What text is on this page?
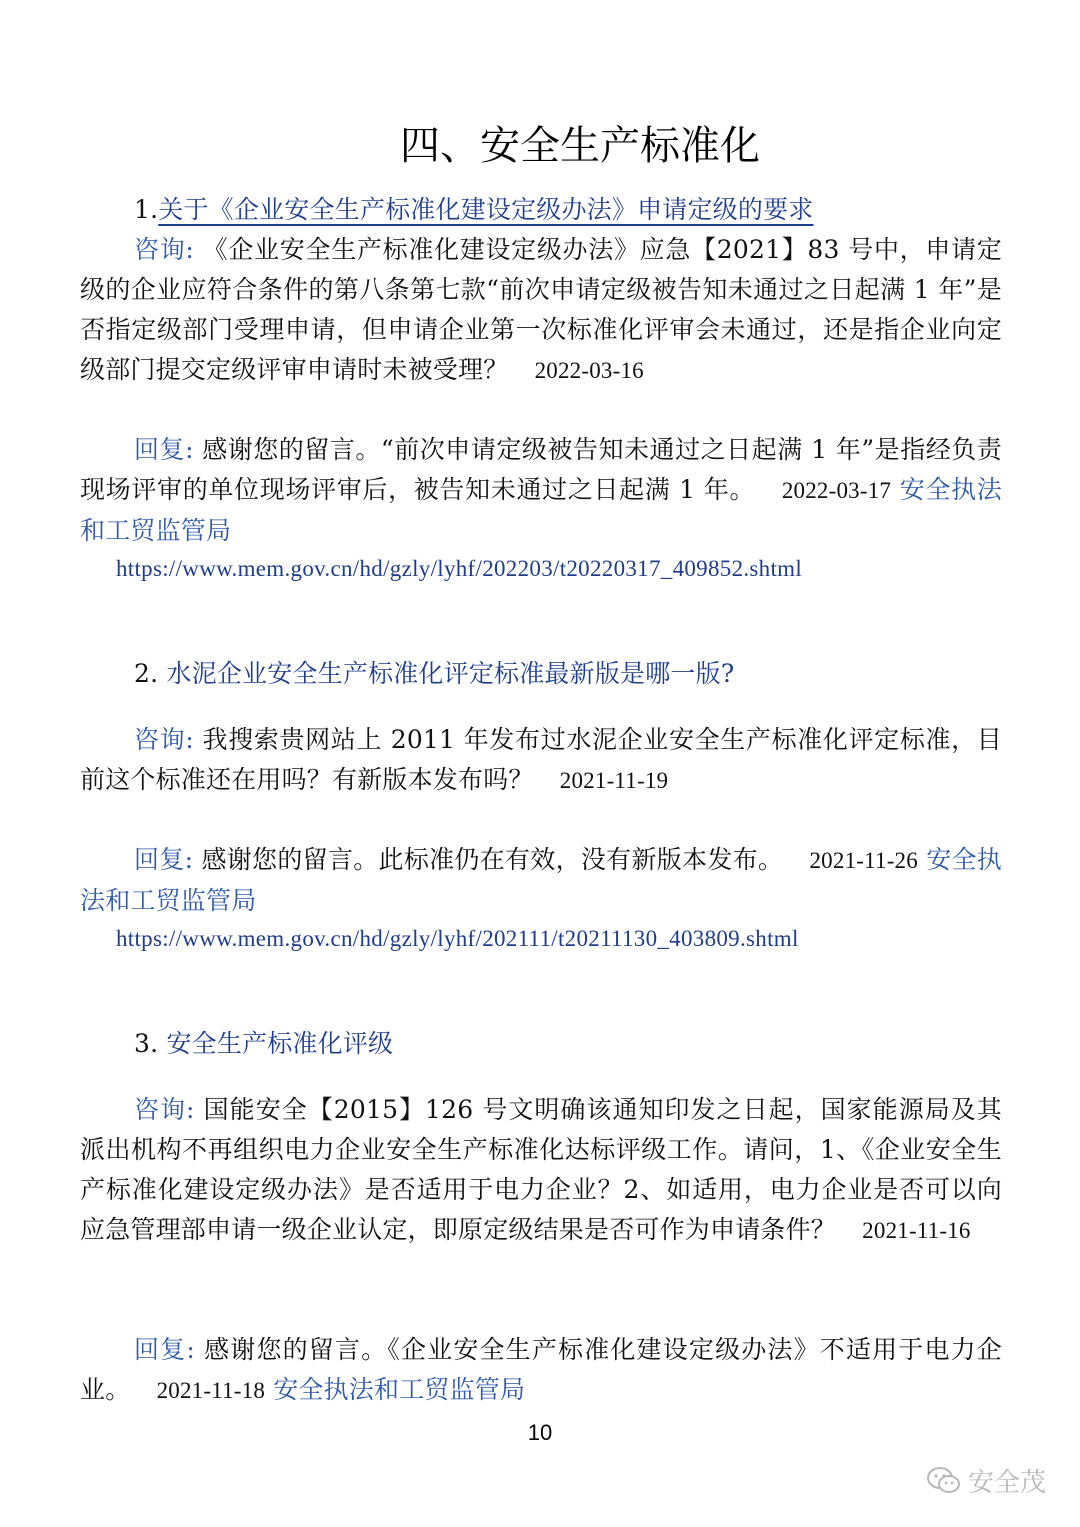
四、安全生产标准化
1.关于《企业安全生产标准化建设定级办法》申请定级的要求
咨询: 《企业安全生产标准化建设定级办法》应急【2021】83 号中，申请定级的企业应符合条件的第八条第七款“前次申请定级被告知未通过之日起满 1 年”是否指定级部门受理申请，但申请企业第一次标准化评审会未通过，还是指企业向定级部门提交定级评审申请时未被受理？ 2022-03-16
回复: 感谢您的留言。“前次申请定级被告知未通过之日起满 1 年”是指经负责现场评审的单位现场评审后，被告知未通过之日起满 1 年。 2022-03-17 安全执法和工贸监管局
https://www.mem.gov.cn/hd/gzly/lyhf/202203/t20220317_409852.shtml
2. 水泥企业安全生产标准化评定标准最新版是哪一版?
咨询: 我搜索贵网站上 2011 年发布过水泥企业安全生产标准化评定标准，目前这个标准还在用吗？有新版本发布吗？ 2021-11-19
回复: 感谢您的留言。此标准仍在有效，没有新版本发布。 2021-11-26 安全执法和工贸监管局
https://www.mem.gov.cn/hd/gzly/lyhf/202111/t20211130_403809.shtml
3. 安全生产标准化评级
咨询: 国能安全【2015】126 号文明确该通知印发之日起，国家能源局及其派出机构不再组织电力企业安全生产标准化达标评级工作。请问，1、《企业安全生产标准化建设定级办法》是否适用于电力企业？2、如适用，电力企业是否可以向应急管理部申请一级企业认定，即原定级结果是否可作为申请条件？ 2021-11-16
回复: 感谢您的留言。《企业安全生产标准化建设定级办法》不适用于电力企业。 2021-11-18 安全执法和工贸监管局
10
安全茂
